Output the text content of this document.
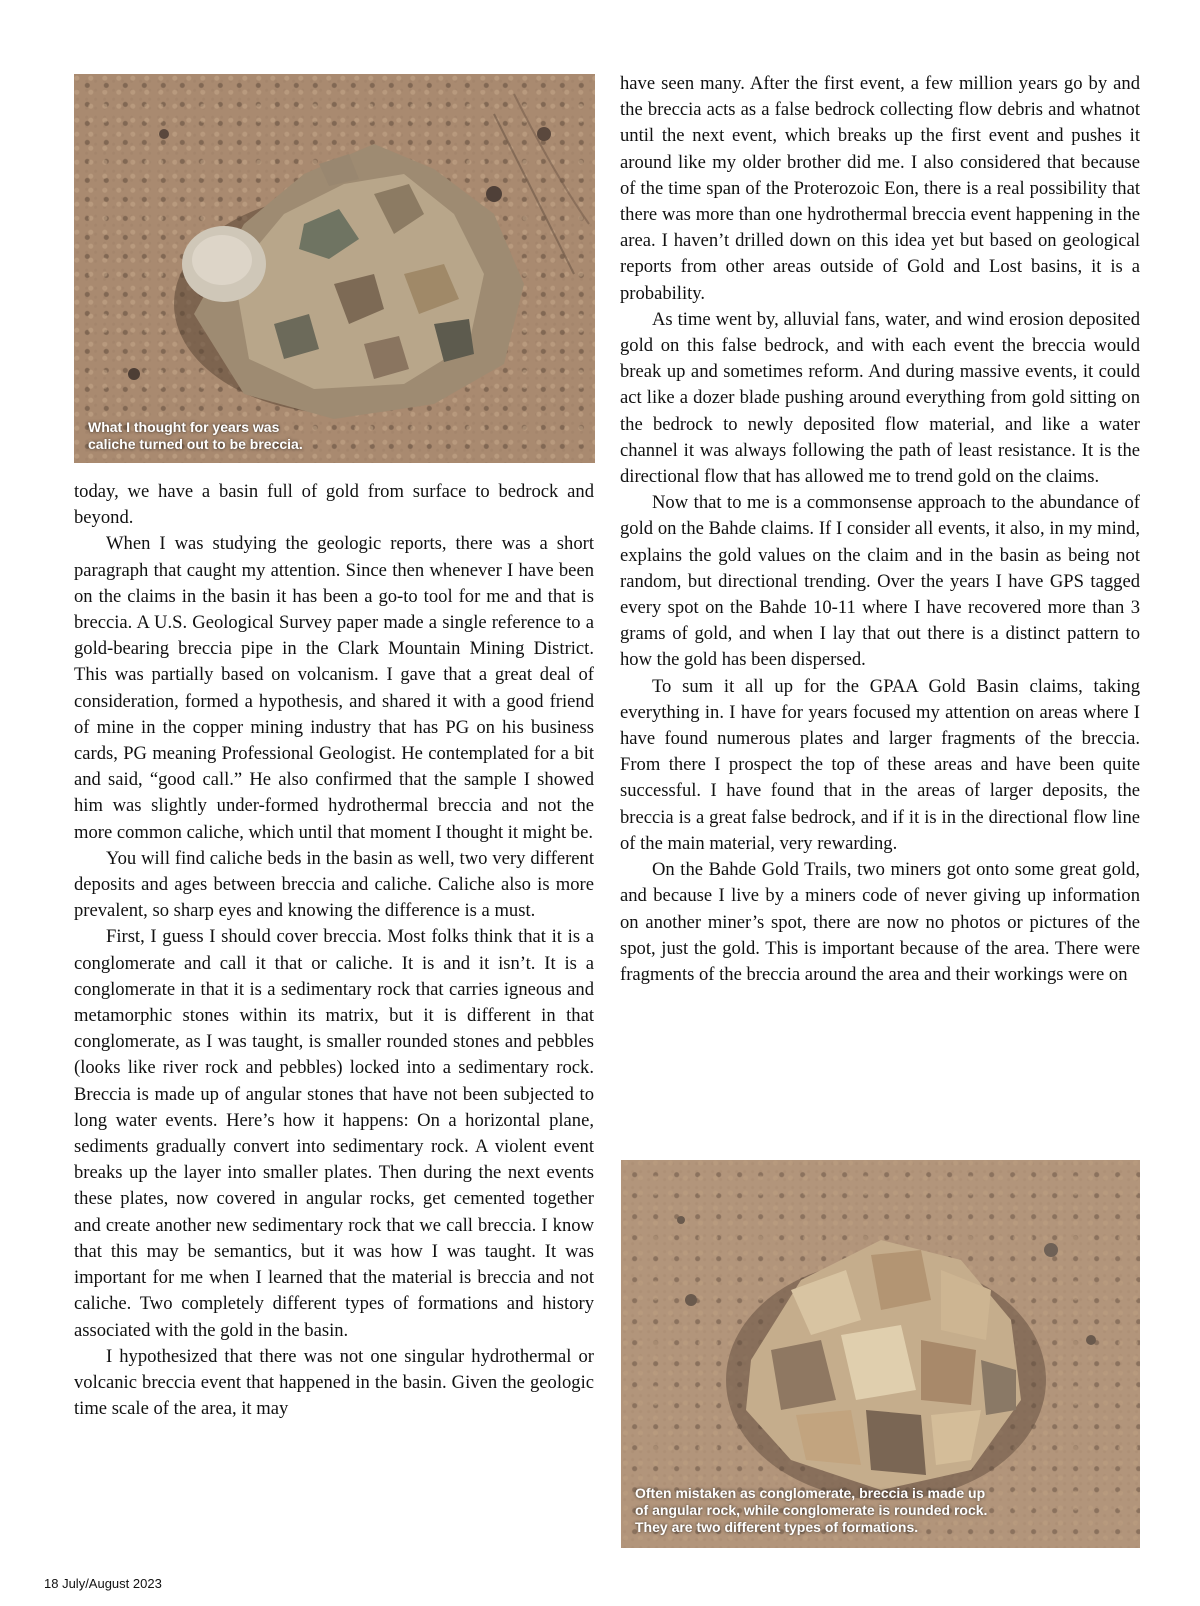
What I thought for years was
caliche turned out to be breccia.

today, we have a basin full of gold from surface to bedrock and beyond.

When I was studying the geologic reports, there was a short paragraph that caught my attention. Since then whenever I have been on the claims in the basin it has been a go-to tool for me and that is breccia. A U.S. Geological Survey paper made a single reference to a gold-bearing breccia pipe in the Clark Mountain Mining District. This was partially based on volcanism. I gave that a great deal of consideration, formed a hypothesis, and shared it with a good friend of mine in the copper mining industry that has PG on his business cards, PG meaning Professional Geologist. He contemplated for a bit and said, “good call.” He also confirmed that the sample I showed him was slightly under-formed hydrothermal breccia and not the more common caliche, which until that moment I thought it might be.

You will find caliche beds in the basin as well, two very different deposits and ages between breccia and caliche. Caliche also is more prevalent, so sharp eyes and knowing the difference is a must.

First, I guess I should cover breccia. Most folks think that it is a conglomerate and call it that or caliche. It is and it isn’t. It is a conglomerate in that it is a sedimentary rock that carries igneous and metamorphic stones within its matrix, but it is different in that conglomerate, as I was taught, is smaller rounded stones and pebbles (looks like river rock and pebbles) locked into a sedimentary rock. Breccia is made up of angular stones that have not been subjected to long water events. Here’s how it happens: On a horizontal plane, sediments gradually convert into sedimentary rock. A violent event breaks up the layer into smaller plates. Then during the next events these plates, now covered in angular rocks, get cemented together and create another new sedimentary rock that we call breccia. I know that this may be semantics, but it was how I was taught. It was important for me when I learned that the material is breccia and not caliche. Two completely different types of formations and history associated with the gold in the basin.

I hypothesized that there was not one singular hydrothermal or volcanic breccia event that happened in the basin. Given the geologic time scale of the area, it may

have seen many. After the first event, a few million years go by and the breccia acts as a false bedrock collecting flow debris and whatnot until the next event, which breaks up the first event and pushes it around like my older brother did me. I also considered that because of the time span of the Proterozoic Eon, there is a real possibility that there was more than one hydrothermal breccia event happening in the area. I haven’t drilled down on this idea yet but based on geological reports from other areas outside of Gold and Lost basins, it is a probability.

As time went by, alluvial fans, water, and wind erosion deposited gold on this false bedrock, and with each event the breccia would break up and sometimes reform. And during massive events, it could act like a dozer blade pushing around everything from gold sitting on the bedrock to newly deposited flow material, and like a water channel it was always following the path of least resistance. It is the directional flow that has allowed me to trend gold on the claims.

Now that to me is a commonsense approach to the abundance of gold on the Bahde claims. If I consider all events, it also, in my mind, explains the gold values on the claim and in the basin as being not random, but directional trending. Over the years I have GPS tagged every spot on the Bahde 10-11 where I have recovered more than 3 grams of gold, and when I lay that out there is a distinct pattern to how the gold has been dispersed.

To sum it all up for the GPAA Gold Basin claims, taking everything in. I have for years focused my attention on areas where I have found numerous plates and larger fragments of the breccia. From there I prospect the top of these areas and have been quite successful. I have found that in the areas of larger deposits, the breccia is a great false bedrock, and if it is in the directional flow line of the main material, very rewarding.

On the Bahde Gold Trails, two miners got onto some great gold, and because I live by a miners code of never giving up information on another miner’s spot, there are now no photos or pictures of the spot, just the gold. This is important because of the area. There were fragments of the breccia around the area and their workings were on

Often mistaken as conglomerate, breccia is made up
of angular rock, while conglomerate is rounded rock.
They are two different types of formations.
18 July/August 2023
